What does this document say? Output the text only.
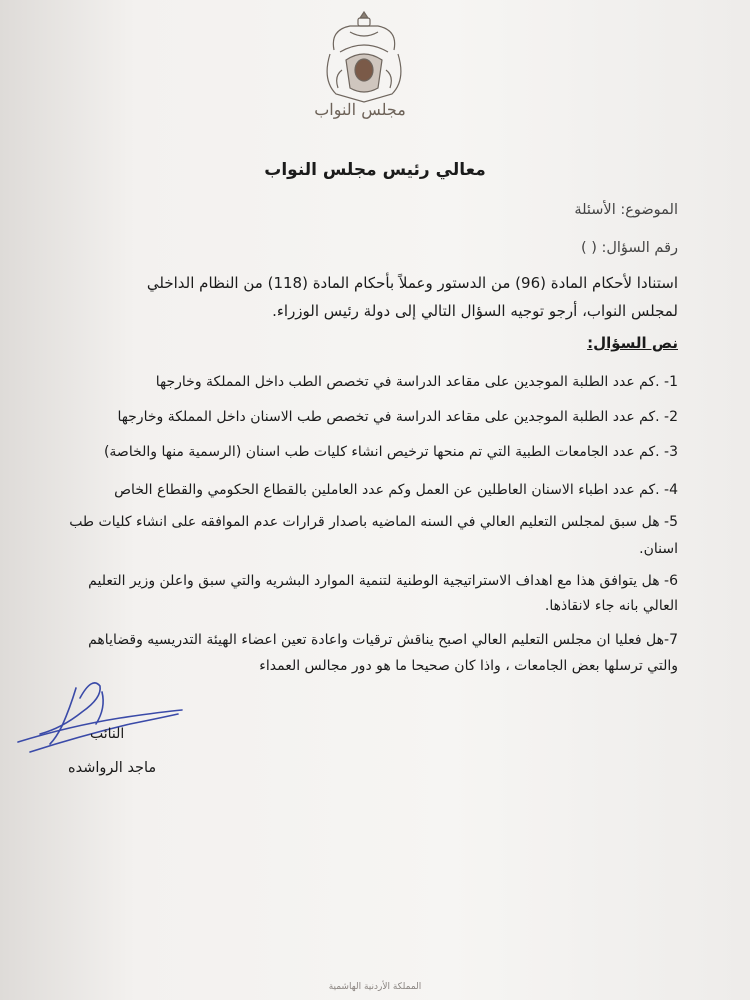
مجلس النواب
معالي رئيس مجلس النواب
الموضوع: الأسئلة
رقم السؤال: ( )
استنادا لأحكام المادة (96) من الدستور وعملاً بأحكام المادة (118) من النظام الداخلي
لمجلس النواب، أرجو توجيه السؤال التالي إلى دولة رئيس الوزراء.
نص السؤال:
1- .كم عدد الطلبة الموجدين على مقاعد الدراسة في تخصص الطب داخل المملكة وخارجها
2- .كم عدد الطلبة الموجدين على مقاعد الدراسة في تخصص طب الاسنان داخل المملكة وخارجها
3- .كم عدد الجامعات الطبية التي تم منحها ترخيص انشاء كليات طب اسنان (الرسمية منها والخاصة)
4- .كم عدد اطباء الاسنان العاطلين عن العمل وكم عدد العاملين بالقطاع الحكومي والقطاع الخاص
5- هل سبق لمجلس التعليم العالي في السنه الماضيه باصدار قرارات عدم الموافقه على انشاء كليات طب
اسنان.
6- هل يتوافق هذا مع اهداف الاستراتيجية الوطنية لتنمية الموارد البشريه والتي سبق واعلن وزير التعليم
العالي بانه جاء لانقاذها.
7-هل فعليا ان مجلس التعليم العالي اصبح يناقش ترقيات واعادة تعين اعضاء الهيئة التدريسيه وقضاياهم
والتي ترسلها بعض الجامعات ، واذا كان صحيحا ما هو دور مجالس العمداء
النائب
ماجد الرواشده
المملكة الأردنية الهاشمية
